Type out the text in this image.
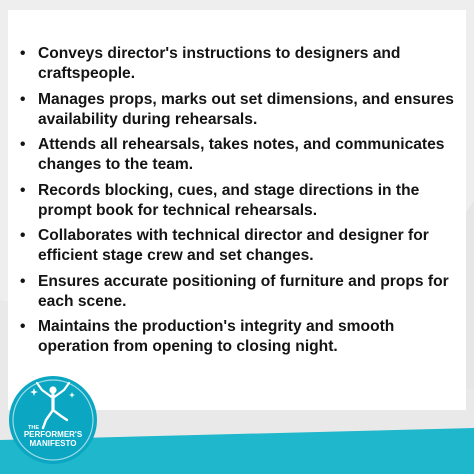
• Conveys director's instructions to designers and craftspeople.
• Manages props, marks out set dimensions, and ensures availability during rehearsals.
• Attends all rehearsals, takes notes, and communicates changes to the team.
• Records blocking, cues, and stage directions in the prompt book for technical rehearsals.
• Collaborates with technical director and designer for efficient stage crew and set changes.
• Ensures accurate positioning of furniture and props for each scene.
• Maintains the production's integrity and smooth operation from opening to closing night.
THE
PERFORMER'S
MANIFESTO
